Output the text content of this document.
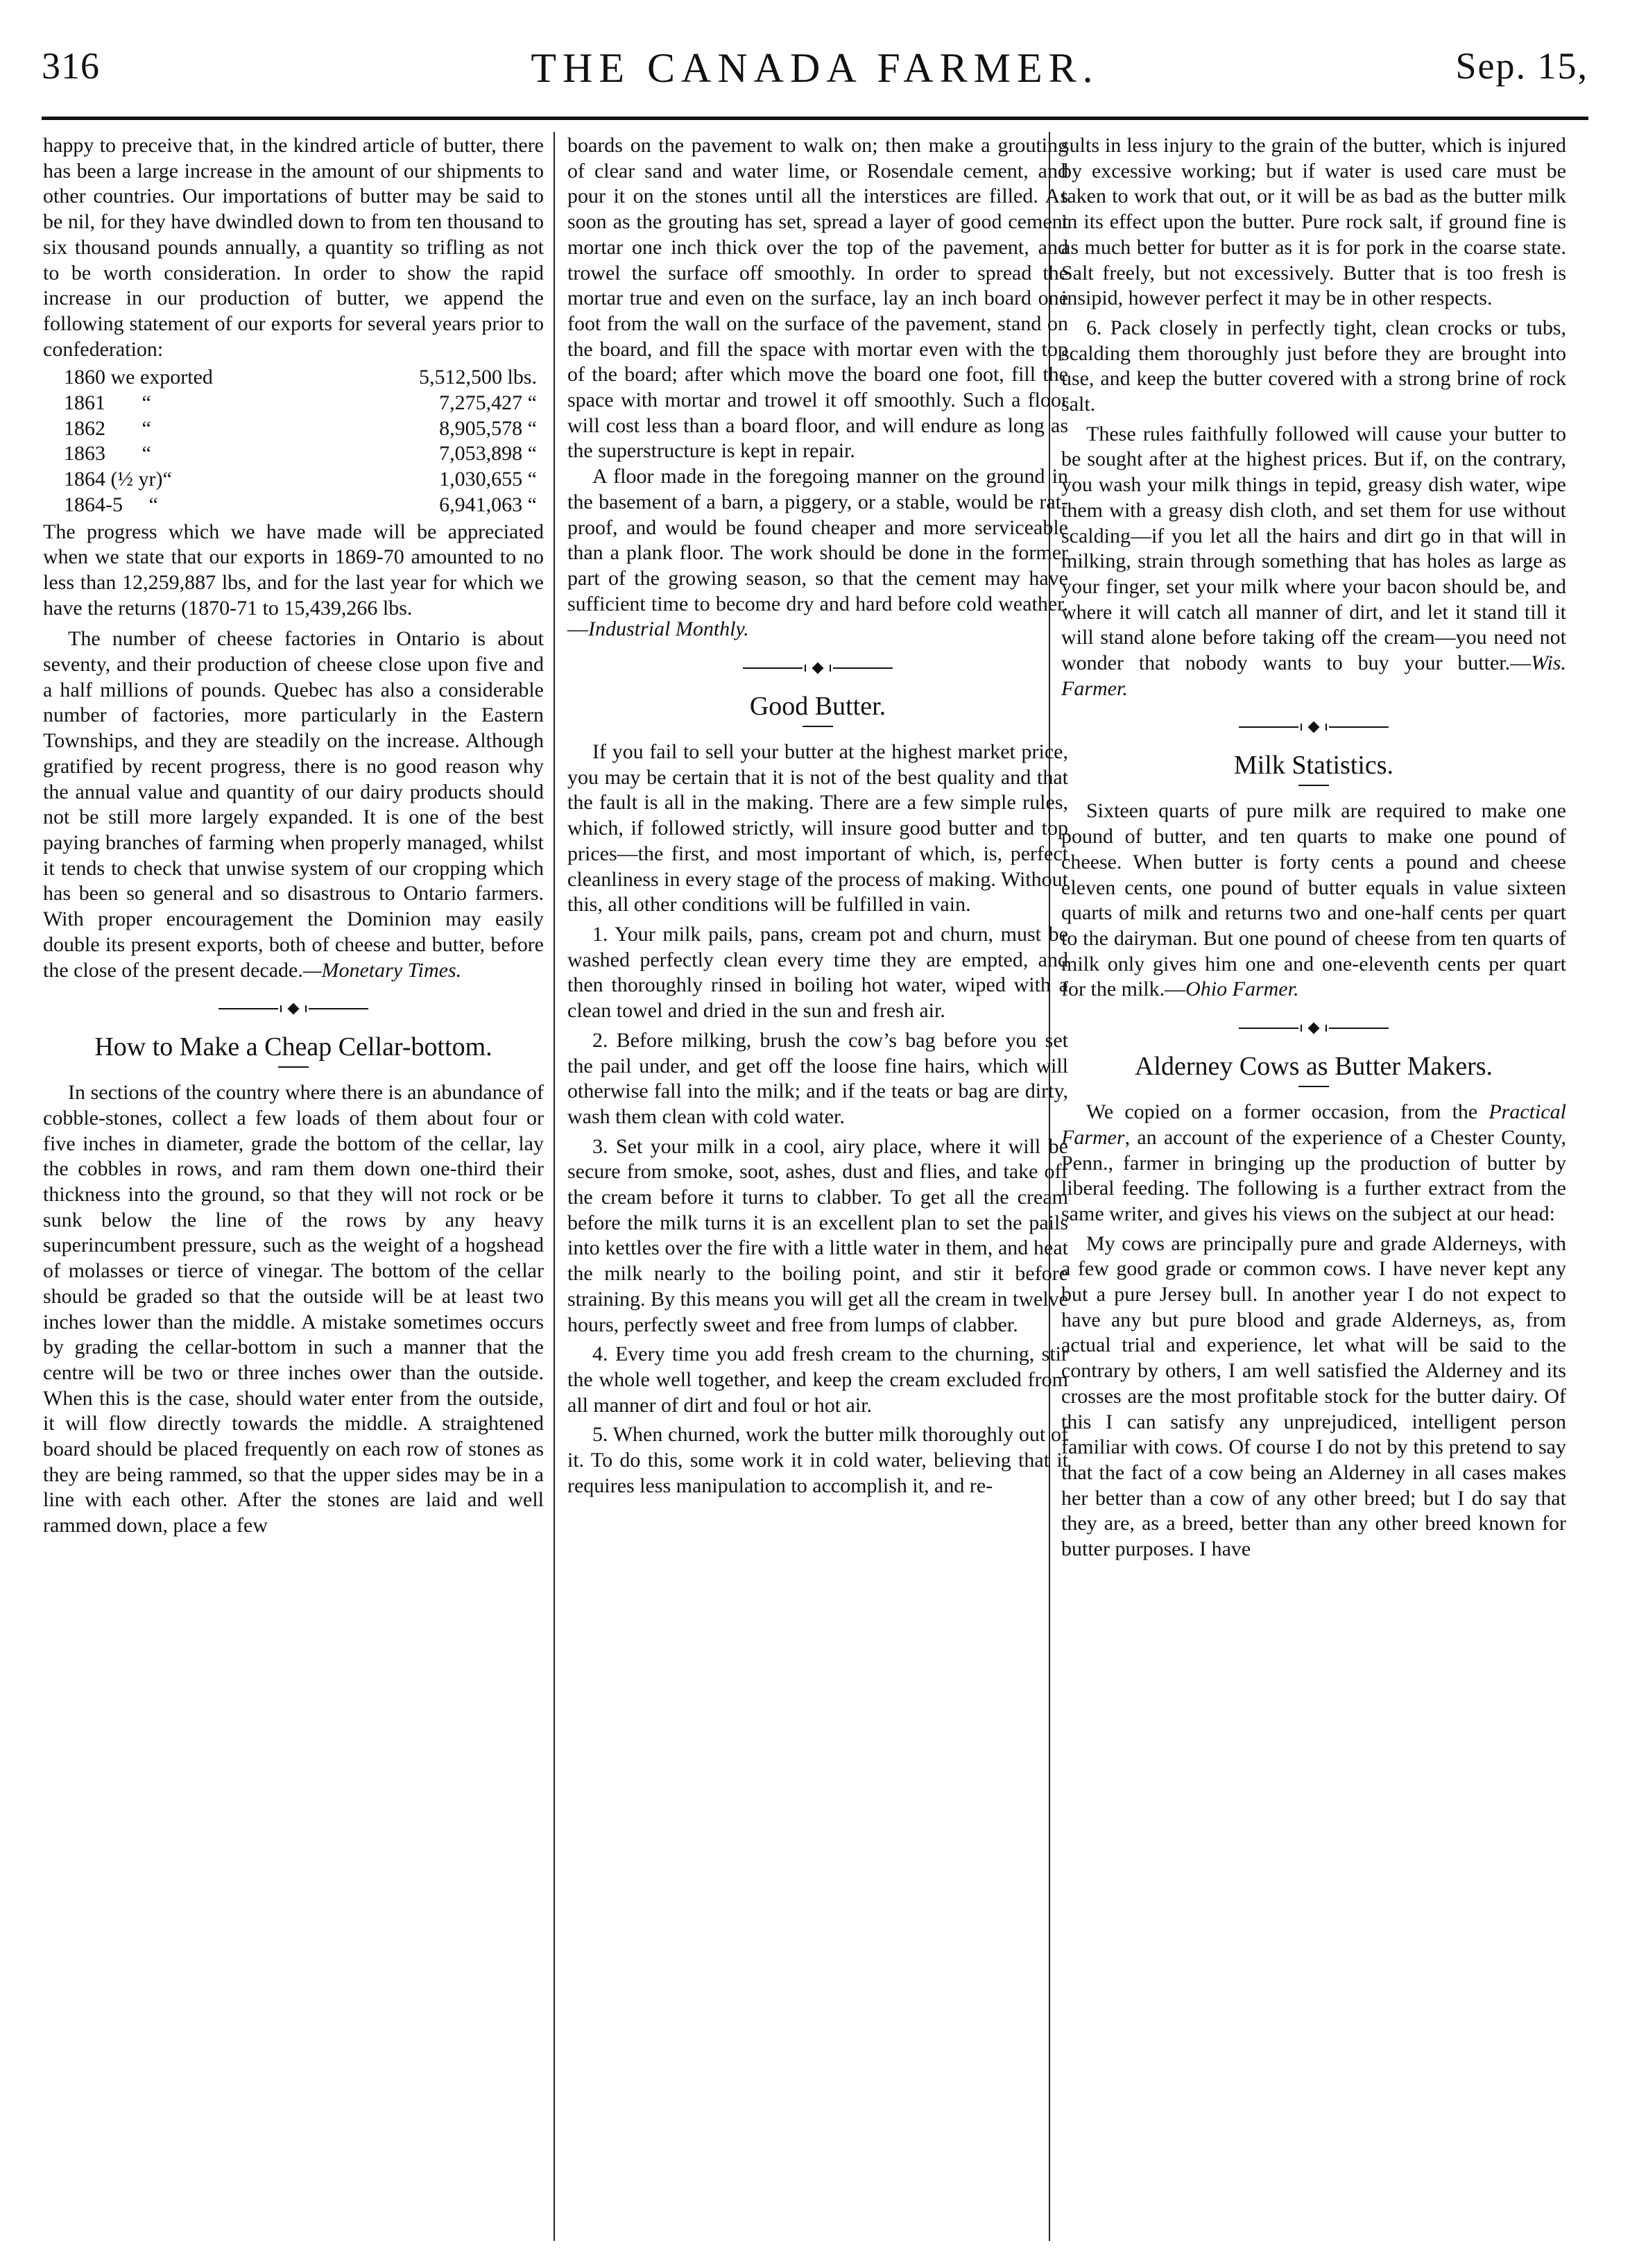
316	THE CANADA FARMER.	Sep. 15,

happy to preceive that, in the kindred article of butter, there has been a large increase in the amount of our shipments to other countries. Our importations of butter may be said to be nil, for they have dwindled down to from ten thousand to six thousand pounds annually, a quantity so trifling as not to be worth consideration. In order to show the rapid increase in our production of butter, we append the following statement of our exports for several years prior to confederation:

1860 we exported	5,512,500 lbs.
1861       “	7,275,427 “
1862       “	8,905,578 “
1863       “	7,053,898 “
1864 (½ yr)“	1,030,655 “
1864-5     “	6,941,063 “

The progress which we have made will be appreciated when we state that our exports in 1869-70 amounted to no less than 12,259,887 lbs, and for the last year for which we have the returns (1870-71 to 15,439,266 lbs.

The number of cheese factories in Ontario is about seventy, and their production of cheese close upon five and a half millions of pounds. Quebec has also a considerable number of factories, more particularly in the Eastern Townships, and they are steadily on the increase. Although gratified by recent progress, there is no good reason why the annual value and quantity of our dairy products should not be still more largely expanded. It is one of the best paying branches of farming when properly managed, whilst it tends to check that unwise system of our cropping which has been so general and so disastrous to Ontario farmers. With proper encouragement the Dominion may easily double its present exports, both of cheese and butter, before the close of the present decade.—Monetary Times.

How to Make a Cheap Cellar-bottom.

In sections of the country where there is an abundance of cobble-stones, collect a few loads of them about four or five inches in diameter, grade the bottom of the cellar, lay the cobbles in rows, and ram them down one-third their thickness into the ground, so that they will not rock or be sunk below the line of the rows by any heavy superincumbent pressure, such as the weight of a hogshead of molasses or tierce of vinegar. The bottom of the cellar should be graded so that the outside will be at least two inches lower than the middle. A mistake sometimes occurs by grading the cellar-bottom in such a manner that the centre will be two or three inches ower than the outside. When this is the case, should water enter from the outside, it will flow directly towards the middle. A straightened board should be placed frequently on each row of stones as they are being rammed, so that the upper sides may be in a line with each other. After the stones are laid and well rammed down, place a few

boards on the pavement to walk on; then make a grouting of clear sand and water lime, or Rosendale cement, and pour it on the stones until all the interstices are filled. As soon as the grouting has set, spread a layer of good cement mortar one inch thick over the top of the pavement, and trowel the surface off smoothly. In order to spread the mortar true and even on the surface, lay an inch board one foot from the wall on the surface of the pavement, stand on the board, and fill the space with mortar even with the top of the board; after which move the board one foot, fill the space with mortar and trowel it off smoothly. Such a floor will cost less than a board floor, and will endure as long as the superstructure is kept in repair.

A floor made in the foregoing manner on the ground in the basement of a barn, a piggery, or a stable, would be rat-proof, and would be found cheaper and more serviceable than a plank floor. The work should be done in the former part of the growing season, so that the cement may have sufficient time to become dry and hard before cold weather.—Industrial Monthly.

Good Butter.

If you fail to sell your butter at the highest market price, you may be certain that it is not of the best quality and that the fault is all in the making. There are a few simple rules, which, if followed strictly, will insure good butter and top prices—the first, and most important of which, is, perfect cleanliness in every stage of the process of making. Without this, all other conditions will be fulfilled in vain.

1. Your milk pails, pans, cream pot and churn, must be washed perfectly clean every time they are empted, and then thoroughly rinsed in boiling hot water, wiped with a clean towel and dried in the sun and fresh air.

2. Before milking, brush the cow’s bag before you set the pail under, and get off the loose fine hairs, which will otherwise fall into the milk; and if the teats or bag are dirty, wash them clean with cold water.

3. Set your milk in a cool, airy place, where it will be secure from smoke, soot, ashes, dust and flies, and take off the cream before it turns to clabber. To get all the cream before the milk turns it is an excellent plan to set the pails into kettles over the fire with a little water in them, and heat the milk nearly to the boiling point, and stir it before straining. By this means you will get all the cream in twelve hours, perfectly sweet and free from lumps of clabber.

4. Every time you add fresh cream to the churning, stir the whole well together, and keep the cream excluded from all manner of dirt and foul or hot air.

5. When churned, work the butter milk thoroughly out of it. To do this, some work it in cold water, believing that it requires less manipulation to accomplish it, and re-

sults in less injury to the grain of the butter, which is injured by excessive working; but if water is used care must be taken to work that out, or it will be as bad as the butter milk in its effect upon the butter. Pure rock salt, if ground fine is as much better for butter as it is for pork in the coarse state. Salt freely, but not excessively. Butter that is too fresh is insipid, however perfect it may be in other respects.

6. Pack closely in perfectly tight, clean crocks or tubs, scalding them thoroughly just before they are brought into use, and keep the butter covered with a strong brine of rock salt.

These rules faithfully followed will cause your butter to be sought after at the highest prices. But if, on the contrary, you wash your milk things in tepid, greasy dish water, wipe them with a greasy dish cloth, and set them for use without scalding—if you let all the hairs and dirt go in that will in milking, strain through something that has holes as large as your finger, set your milk where your bacon should be, and where it will catch all manner of dirt, and let it stand till it will stand alone before taking off the cream—you need not wonder that nobody wants to buy your butter.—Wis. Farmer.

Milk Statistics.

Sixteen quarts of pure milk are required to make one pound of butter, and ten quarts to make one pound of cheese. When butter is forty cents a pound and cheese eleven cents, one pound of butter equals in value sixteen quarts of milk and returns two and one-half cents per quart to the dairyman. But one pound of cheese from ten quarts of milk only gives him one and one-eleventh cents per quart for the milk.—Ohio Farmer.

Alderney Cows as Butter Makers.

We copied on a former occasion, from the Practical Farmer, an account of the experience of a Chester County, Penn., farmer in bringing up the production of butter by liberal feeding. The following is a further extract from the same writer, and gives his views on the subject at our head:

My cows are principally pure and grade Alderneys, with a few good grade or common cows. I have never kept any but a pure Jersey bull. In another year I do not expect to have any but pure blood and grade Alderneys, as, from actual trial and experience, let what will be said to the contrary by others, I am well satisfied the Alderney and its crosses are the most profitable stock for the butter dairy. Of this I can satisfy any unprejudiced, intelligent person familiar with cows. Of course I do not by this pretend to say that the fact of a cow being an Alderney in all cases makes her better than a cow of any other breed; but I do say that they are, as a breed, better than any other breed known for butter purposes. I have
